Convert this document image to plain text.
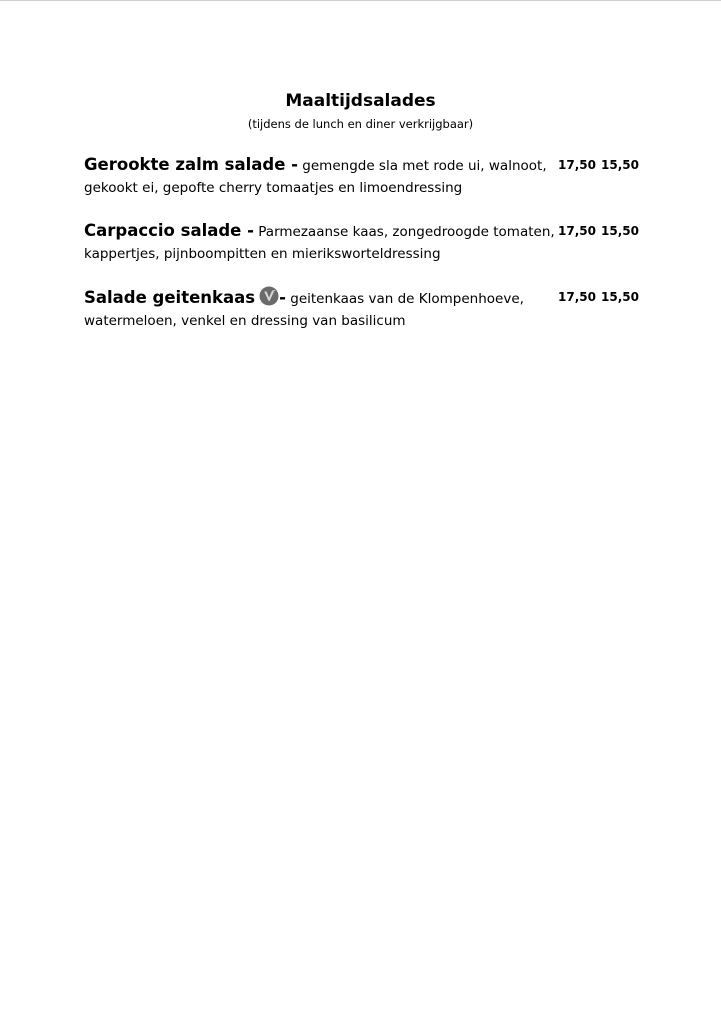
Maaltijdsalades
(tijdens de lunch en diner verkrijgbaar)
Gerookte zalm salade - gemengde sla met rode ui, walnoot,
gekookt ei, gepofte cherry tomaatjes en limoendressing
17,50 15,50
Carpaccio salade - Parmezaanse kaas, zongedroogde tomaten,
kappertjes, pijnboompitten en mieriksworteldressing
17,50 15,50
Salade geitenkaas - geitenkaas van de Klompenhoeve,
watermeloen, venkel en dressing van basilicum
17,50 15,50
